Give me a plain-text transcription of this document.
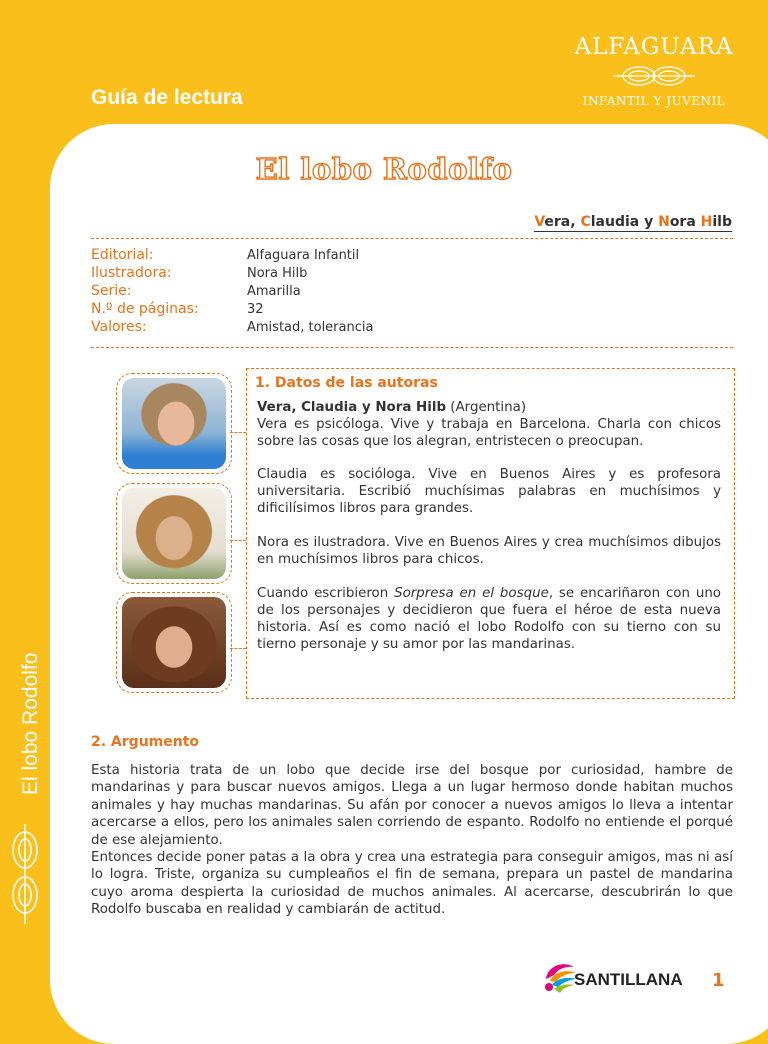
ALFAGUARA
INFANTIL Y JUVENIL
Guía de lectura
El lobo Rodolfo
El lobo Rodolfo
Vera, Claudia y Nora Hilb
Editorial:	Alfaguara Infantil
Ilustradora:	Nora Hilb
Serie:	Amarilla
N.º de páginas:	32
Valores:	Amistad, tolerancia
1. Datos de las autoras
Vera, Claudia y Nora Hilb (Argentina)
Vera es psicóloga. Vive y trabaja en Barcelona. Charla con chicos sobre las cosas que los alegran, entristecen o preocupan.
Claudia es socióloga. Vive en Buenos Aires y es profesora universitaria. Escribió muchísimas palabras en muchísimos y dificilísimos libros para grandes.
Nora es ilustradora. Vive en Buenos Aires y crea muchísimos dibujos en muchísimos libros para chicos.
Cuando escribieron Sorpresa en el bosque, se encariñaron con uno de los personajes y decidieron que fuera el héroe de esta nueva historia. Así es como nació el lobo Rodolfo con su tierno con su tierno personaje y su amor por las mandarinas.
2. Argumento
Esta historia trata de un lobo que decide irse del bosque por curiosidad, hambre de mandarinas y para buscar nuevos amigos. Llega a un lugar hermoso donde habitan muchos animales y hay muchas mandarinas. Su afán por conocer a nuevos amigos lo lleva a intentar acercarse a ellos, pero los animales salen corriendo de espanto. Rodolfo no entiende el porqué de ese alejamiento.
Entonces decide poner patas a la obra y crea una estrategia para conseguir amigos, mas ni así lo logra. Triste, organiza su cumpleaños el fin de semana, prepara un pastel de mandarina cuyo aroma despierta la curiosidad de muchos animales. Al acercarse, descubrirán lo que Rodolfo buscaba en realidad y cambiarán de actitud.
SANTILLANA 1
